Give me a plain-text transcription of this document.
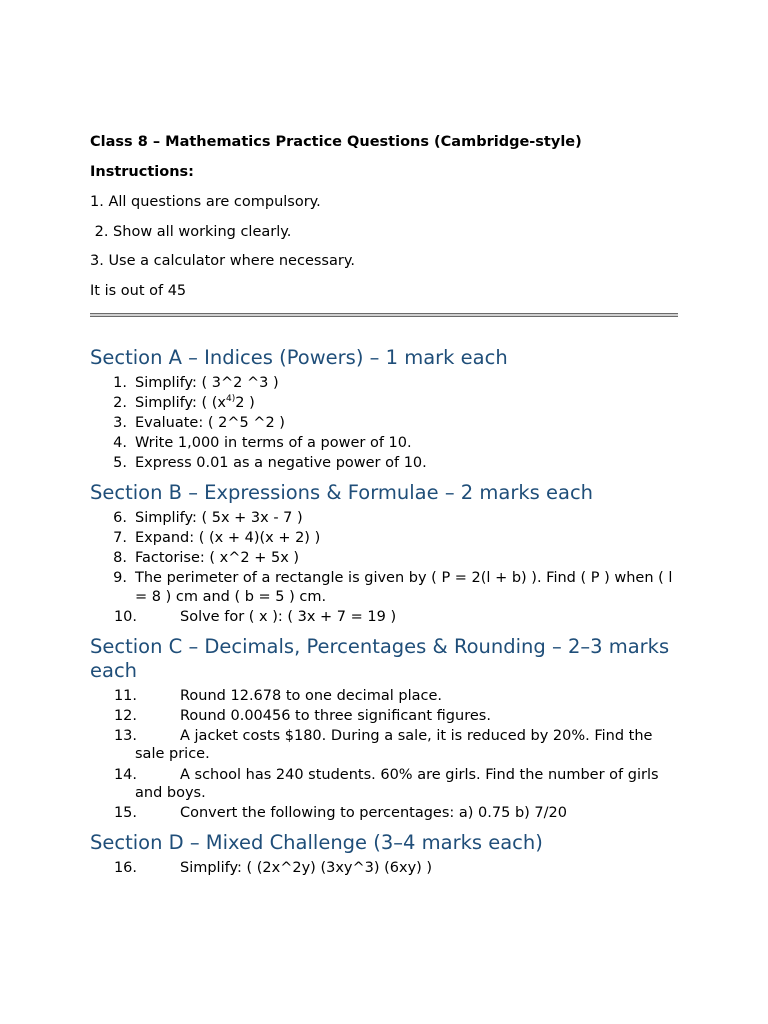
Class 8 – Mathematics Practice Questions (Cambridge-style)
Instructions:
1. All questions are compulsory.
2. Show all working clearly.
3. Use a calculator where necessary.
It is out of 45
Section A – Indices (Powers) – 1 mark each
1. Simplify: ( 3^2 ^3 )
2. Simplify: ( ($x^{4)}2$ )
3. Evaluate: ( 2^5 ^2 )
4. Write 1,000 in terms of a power of 10.
5. Express 0.01 as a negative power of 10.
Section B – Expressions & Formulae – 2 marks each
6. Simplify: ( 5x + 3x - 7 )
7. Expand: ( (x + 4)(x + 2) )
8. Factorise: ( x^2 + 5x )
9. The perimeter of a rectangle is given by ( P = 2(l + b) ). Find ( P ) when ( l = 8 ) cm and ( b = 5 ) cm.
10.	Solve for ( x ): ( 3x + 7 = 19 )
Section C – Decimals, Percentages & Rounding – 2–3 marks each
11.	Round 12.678 to one decimal place.
12.	Round 0.00456 to three significant figures.
13.	A jacket costs $180. During a sale, it is reduced by 20%. Find the sale price.
14.	A school has 240 students. 60% are girls. Find the number of girls and boys.
15.	Convert the following to percentages: a) 0.75 b) 7/20
Section D – Mixed Challenge (3–4 marks each)
16.	Simplify: ( (2x^2y) (3xy^3) (6xy) )
